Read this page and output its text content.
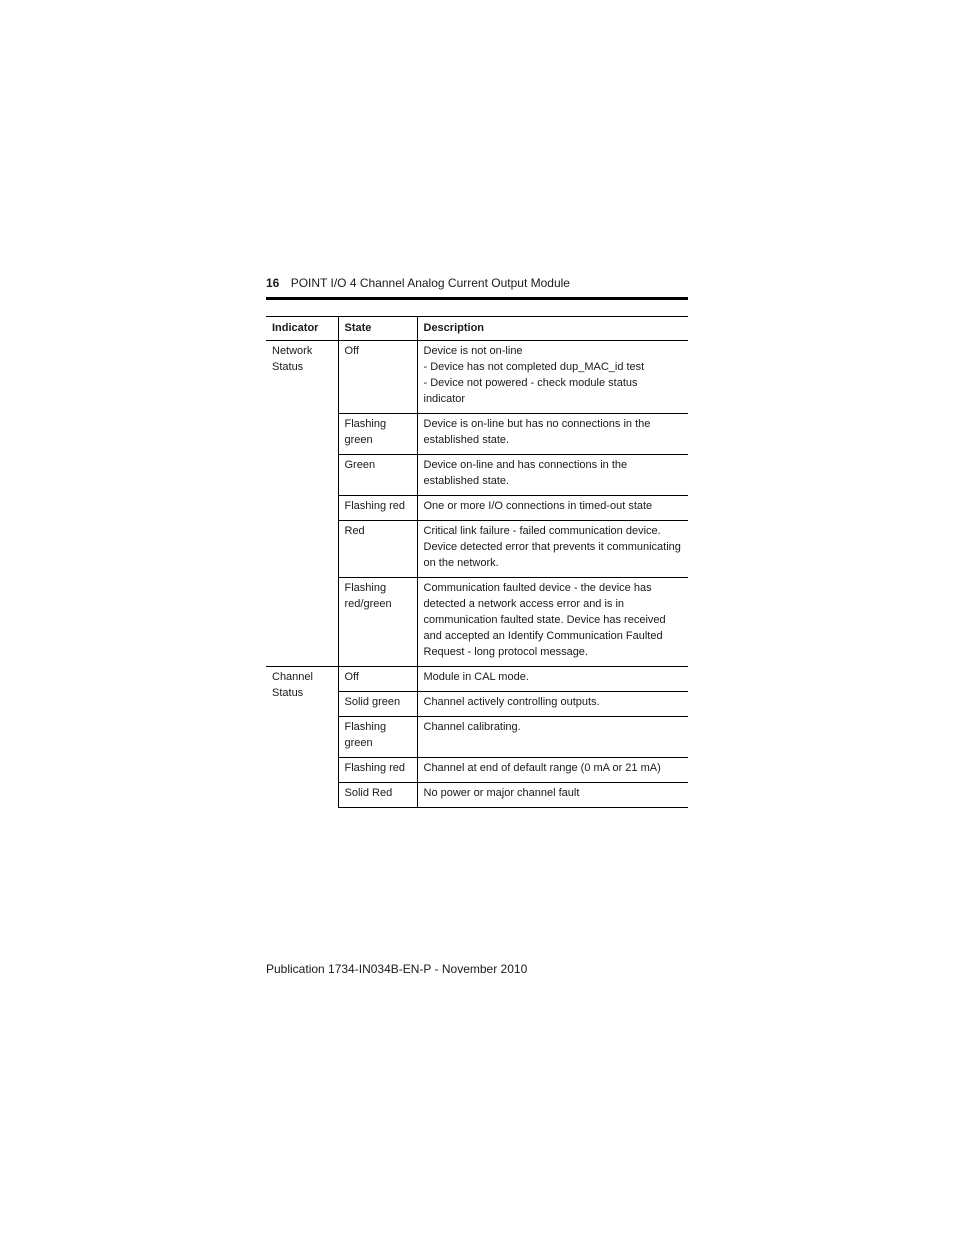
16 POINT I/O 4 Channel Analog Current Output Module
Indicator	State	Description
Network Status	Off	Device is not on-line
- Device has not completed dup_MAC_id test
- Device not powered - check module status indicator

	Flashing green	Device is on-line but has no connections in the established state.

	Green	Device on-line and has connections in the established state.

	Flashing red	One or more I/O connections in timed-out state

	Red	Critical link failure - failed communication device. Device detected error that prevents it communicating on the network.

	Flashing red/green	Communication faulted device - the device has detected a network access error and is in communication faulted state. Device has received and accepted an Identify Communication Faulted Request - long protocol message.

Channel Status	Off	Module in CAL mode.

	Solid green	Channel actively controlling outputs.

	Flashing green	Channel calibrating.

	Flashing red	Channel at end of default range (0 mA or 21 mA)

	Solid Red	No power or major channel fault
Publication 1734-IN034B-EN-P - November 2010
